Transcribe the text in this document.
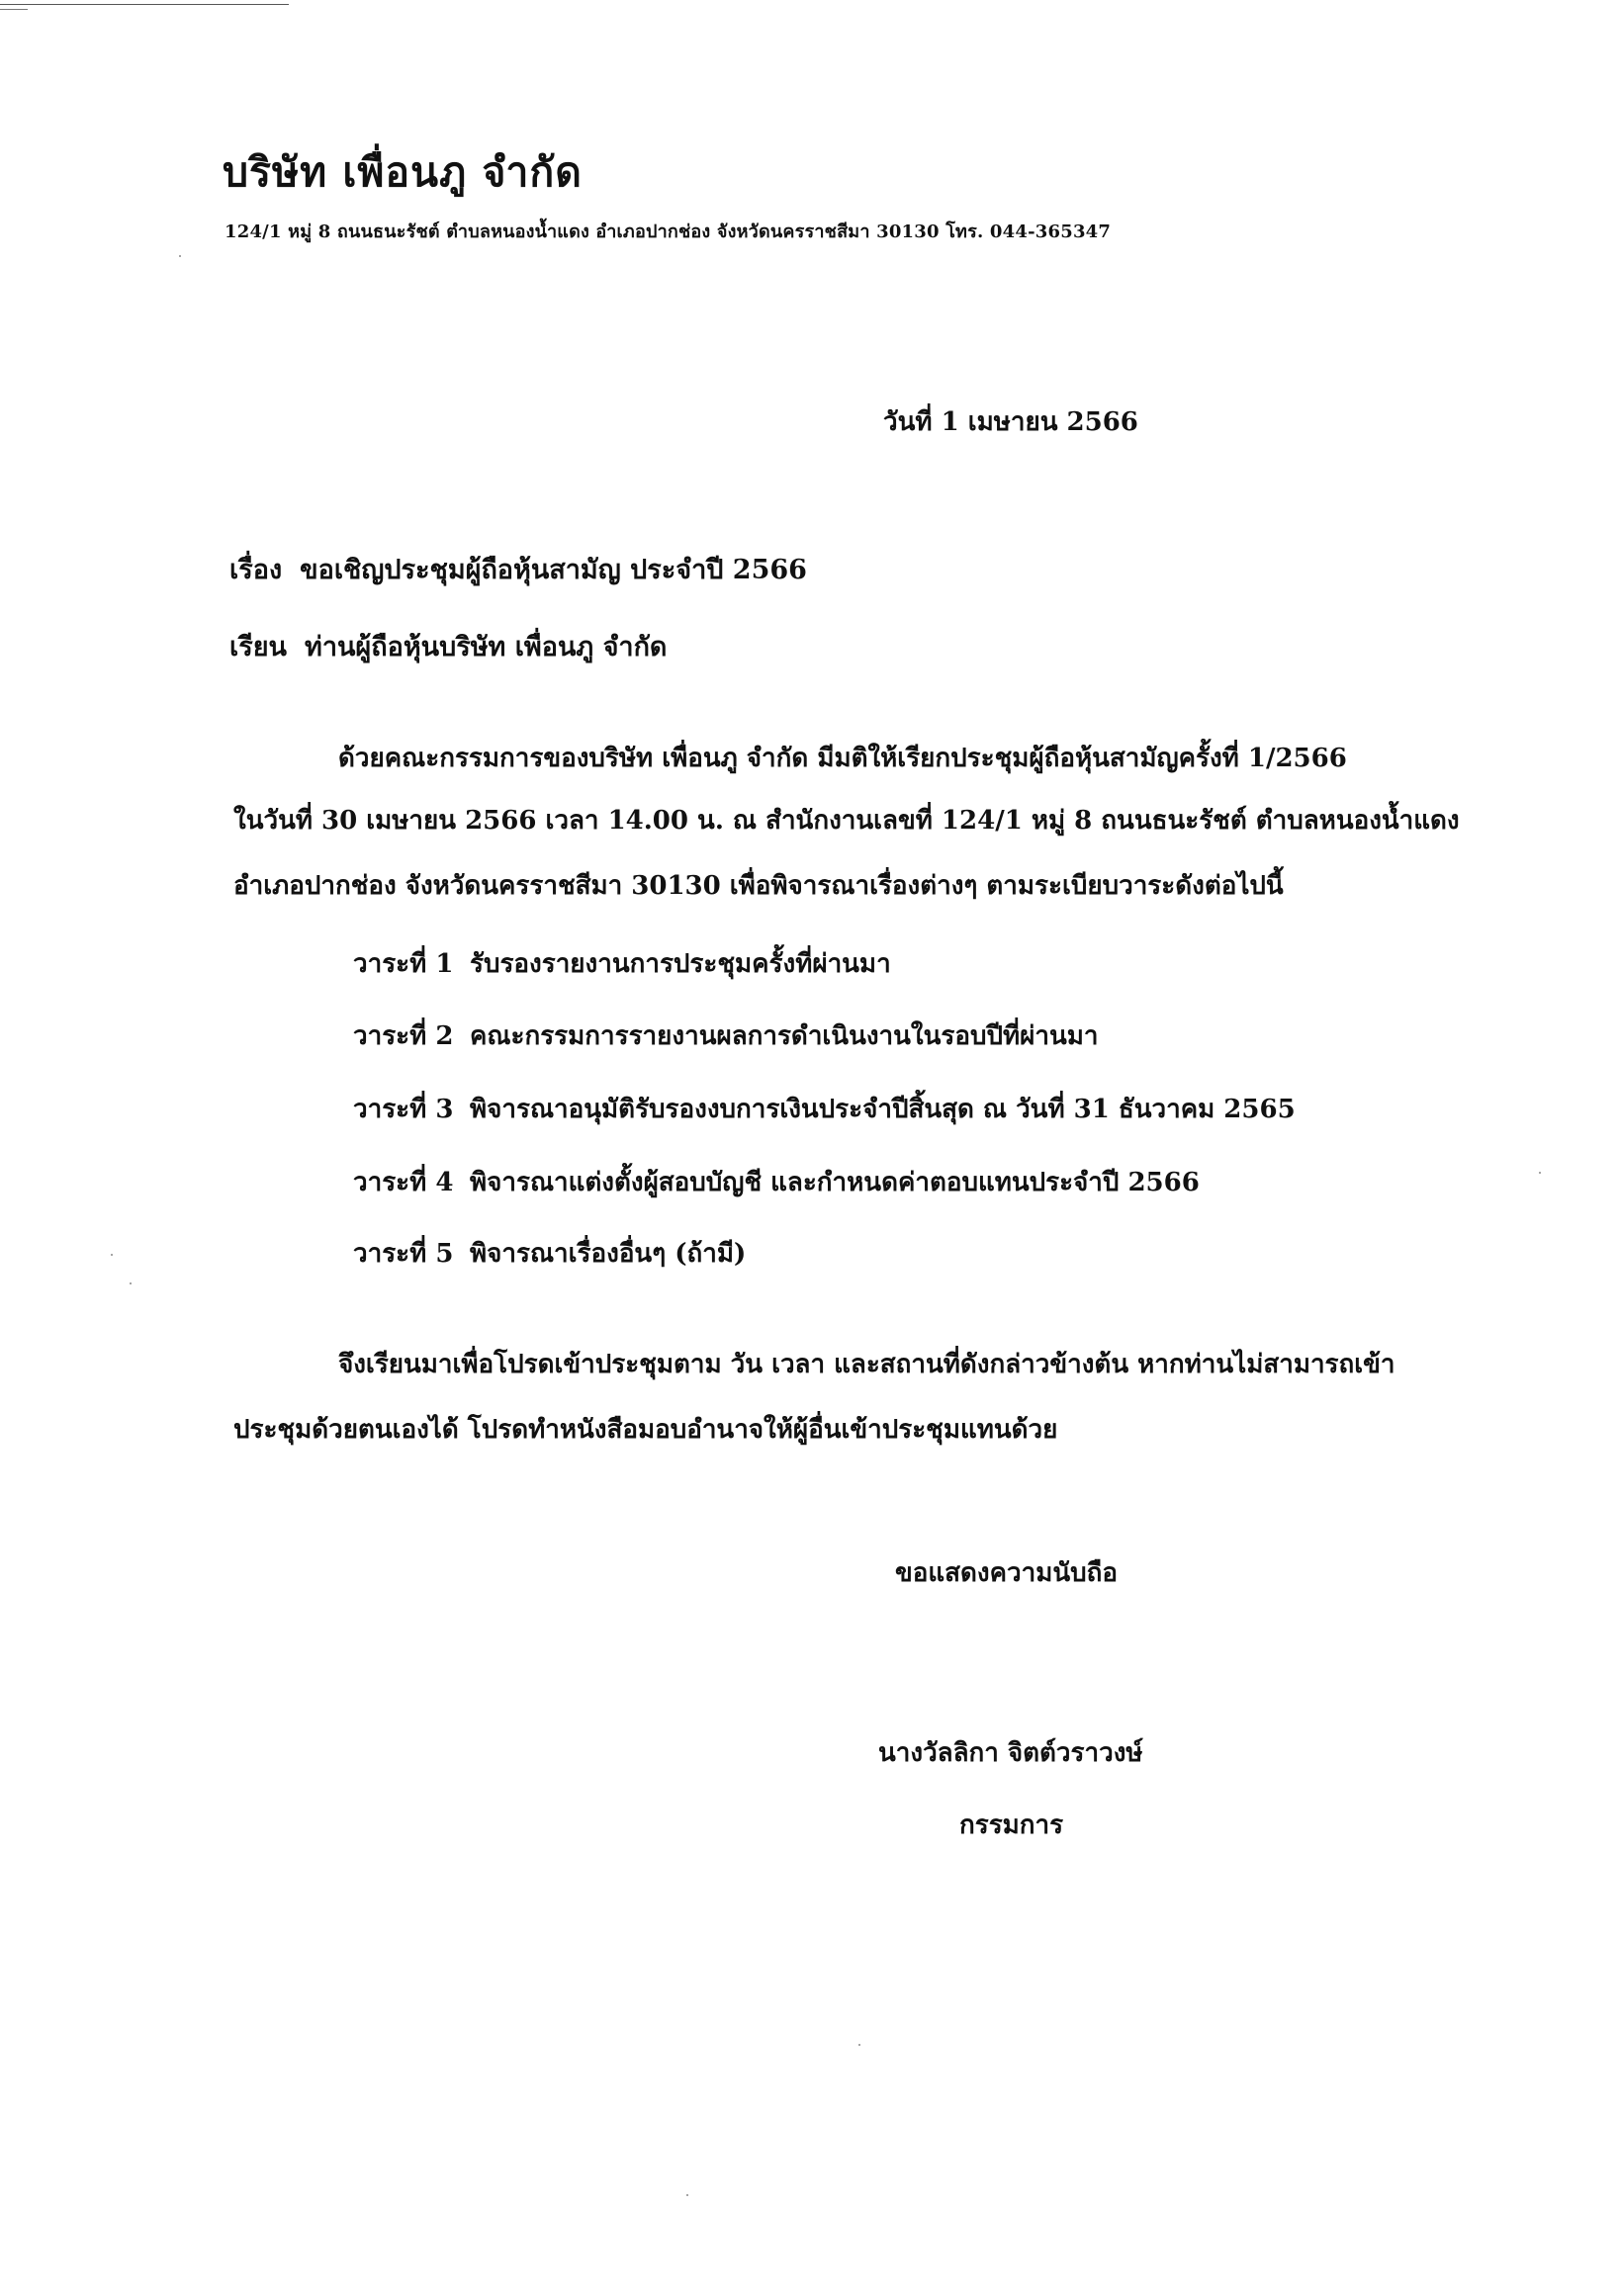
บริษัท เพื่อนภู จำกัด
124/1 หมู่ 8 ถนนธนะรัชต์ ตำบลหนองน้ำแดง อำเภอปากช่อง จังหวัดนครราชสีมา 30130 โทร. 044-365347
วันที่ 1 เมษายน 2566
เรื่อง ขอเชิญประชุมผู้ถือหุ้นสามัญ ประจำปี 2566
เรียน ท่านผู้ถือหุ้นบริษัท เพื่อนภู จำกัด
ด้วยคณะกรรมการของบริษัท เพื่อนภู จำกัด มีมติให้เรียกประชุมผู้ถือหุ้นสามัญครั้งที่ 1/2566
ในวันที่ 30 เมษายน 2566 เวลา 14.00 น. ณ สำนักงานเลขที่ 124/1 หมู่ 8 ถนนธนะรัชต์ ตำบลหนองน้ำแดง
อำเภอปากช่อง จังหวัดนครราชสีมา 30130 เพื่อพิจารณาเรื่องต่างๆ ตามระเบียบวาระดังต่อไปนี้
วาระที่ 1 รับรองรายงานการประชุมครั้งที่ผ่านมา
วาระที่ 2 คณะกรรมการรายงานผลการดำเนินงานในรอบปีที่ผ่านมา
วาระที่ 3 พิจารณาอนุมัติรับรองงบการเงินประจำปีสิ้นสุด ณ วันที่ 31 ธันวาคม 2565
วาระที่ 4 พิจารณาแต่งตั้งผู้สอบบัญชี และกำหนดค่าตอบแทนประจำปี 2566
วาระที่ 5 พิจารณาเรื่องอื่นๆ (ถ้ามี)
จึงเรียนมาเพื่อโปรดเข้าประชุมตาม วัน เวลา และสถานที่ดังกล่าวข้างต้น หากท่านไม่สามารถเข้า
ประชุมด้วยตนเองได้ โปรดทำหนังสือมอบอำนาจให้ผู้อื่นเข้าประชุมแทนด้วย
ขอแสดงความนับถือ
นางวัลลิกา จิตต์วราวงษ์
กรรมการ
